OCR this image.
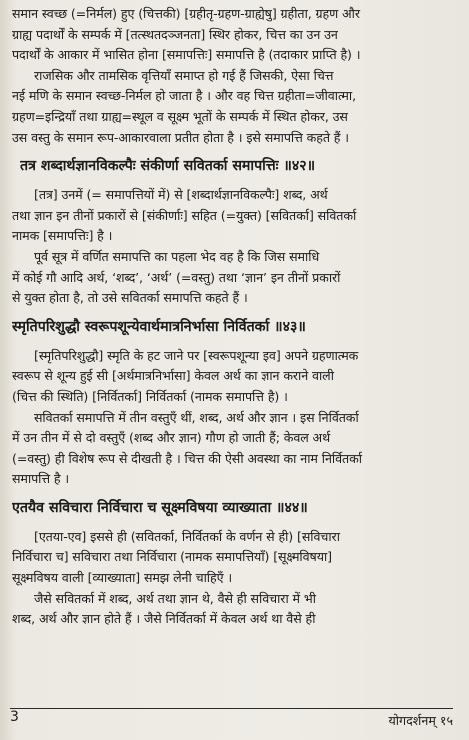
समान स्वच्छ (=निर्मल) हुए (चित्तकी) [ग्रहीतृ-ग्रहण-ग्राह्येषु] ग्रहीता, ग्रहण और
ग्राह्य पदार्थों के सम्पर्क में [तत्स्थतदञ्जनता] स्थिर होकर, चित्त का उन उन
पदार्थों के आकार में भासित होना [समापत्तिः] समापत्ति है (तदाकार प्राप्ति है) ।
राजसिक और तामसिक वृत्तियाँ समाप्त हो गई हैं जिसकी, ऐसा चित्त
नई मणि के समान स्वच्छ-निर्मल हो जाता है । और वह चित्त ग्रहीता=जीवात्मा,
ग्रहण=इन्द्रियाँ तथा ग्राह्य=स्थूल व सूक्ष्म भूतों के सम्पर्क में स्थित होकर, उस
उस वस्तु के समान रूप-आकारवाला प्रतीत होता है । इसे समापत्ति कहते हैं ।
तत्र शब्दार्थज्ञानविकल्पैः संकीर्णा सवितर्का समापत्तिः ॥४२॥
[तत्र] उनमें (= समापत्तियों में) से [शब्दार्थज्ञानविकल्पैः] शब्द, अर्थ
तथा ज्ञान इन तीनों प्रकारों से [संकीर्णाः] सहित (=युक्त) [सवितर्का] सवितर्का
नामक [समापत्तिः] है ।
पूर्व सूत्र में वर्णित समापत्ति का पहला भेद वह है कि जिस समाधि
में कोई गौ आदि अर्थ, ‘शब्द’, ‘अर्थ’ (=वस्तु) तथा ‘ज्ञान’ इन तीनों प्रकारों
से युक्त होता है, तो उसे सवितर्का समापत्ति कहते हैं ।
स्मृतिपरिशुद्धौ स्वरूपशून्येवार्थमात्रनिर्भासा निर्वितर्का ॥४३॥
[स्मृतिपरिशुद्धौ] स्मृति के हट जाने पर [स्वरूपशून्या इव] अपने ग्रहणात्मक
स्वरूप से शून्य हुई सी [अर्थमात्रनिर्भासा] केवल अर्थ का ज्ञान कराने वाली
(चित्त की स्थिति) [निर्वितर्का] निर्वितर्का (नामक समापत्ति है) ।
सवितर्का समापत्ति में तीन वस्तुएँ थीं, शब्द, अर्थ और ज्ञान । इस निर्वितर्का
में उन तीन में से दो वस्तुएँ (शब्द और ज्ञान) गौण हो जाती हैं; केवल अर्थ
(=वस्तु) ही विशेष रूप से दीखती है । चित्त की ऐसी अवस्था का नाम निर्वितर्का
समापत्ति है ।
एतयैव सविचारा निर्विचारा च सूक्ष्मविषया व्याख्याता ॥४४॥
[एतया-एव] इससे ही (सवितर्का, निर्वितर्का के वर्णन से ही) [सविचारा
निर्विचारा च] सविचारा तथा निर्विचारा (नामक समापत्तियाँ) [सूक्ष्मविषया]
सूक्ष्मविषय वाली [व्याख्याता] समझ लेनी चाहिएँ ।
जैसे सवितर्का में शब्द, अर्थ तथा ज्ञान थे, वैसे ही सविचारा में भी
शब्द, अर्थ और ज्ञान होते हैं । जैसे निर्वितर्का में केवल अर्थ था वैसे ही
3	योगदर्शनम् १५
